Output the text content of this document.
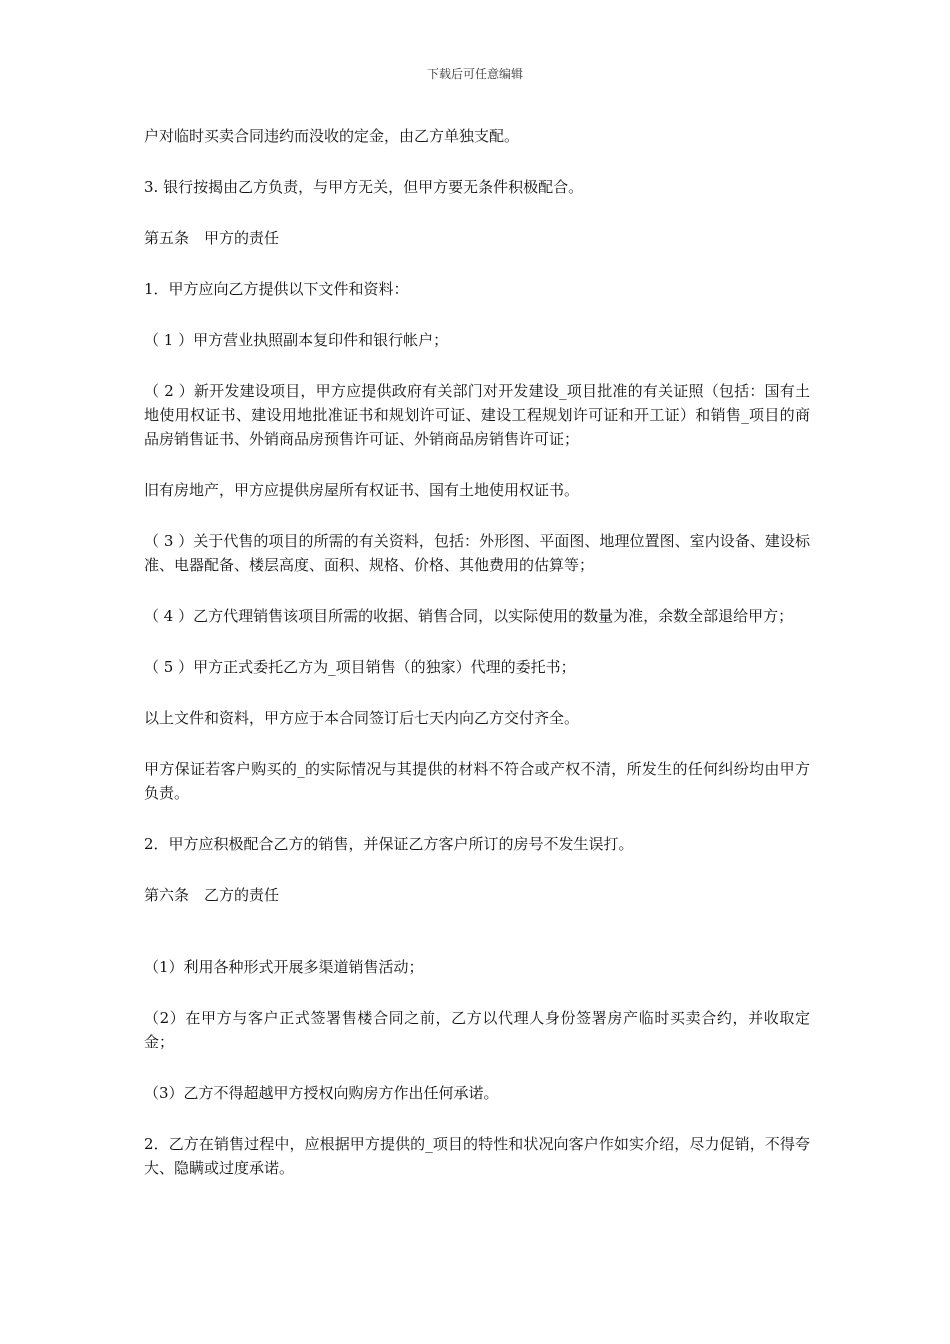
下载后可任意编辑

户对临时买卖合同违约而没收的定金，由乙方单独支配。

3. 银行按揭由乙方负责，与甲方无关，但甲方要无条件积极配合。

第五条　甲方的责任

1．甲方应向乙方提供以下文件和资料：

（ 1 ）甲方营业执照副本复印件和银行帐户；

（ 2 ）新开发建设项目，甲方应提供政府有关部门对开发建设_项目批准的有关证照（包括：国有土地使用权证书、建设用地批准证书和规划许可证、建设工程规划许可证和开工证）和销售_项目的商品房销售证书、外销商品房预售许可证、外销商品房销售许可证；

旧有房地产，甲方应提供房屋所有权证书、国有土地使用权证书。

（ 3 ）关于代售的项目的所需的有关资料，包括：外形图、平面图、地理位置图、室内设备、建设标准、电器配备、楼层高度、面积、规格、价格、其他费用的估算等；

（ 4 ）乙方代理销售该项目所需的收据、销售合同，以实际使用的数量为准，余数全部退给甲方；

（ 5 ）甲方正式委托乙方为_项目销售（的独家）代理的委托书；

以上文件和资料，甲方应于本合同签订后七天内向乙方交付齐全。

甲方保证若客户购买的_的实际情况与其提供的材料不符合或产权不清，所发生的任何纠纷均由甲方负责。

2．甲方应积极配合乙方的销售，并保证乙方客户所订的房号不发生误打。

第六条　乙方的责任

（1）利用各种形式开展多渠道销售活动；

（2）在甲方与客户正式签署售楼合同之前，乙方以代理人身份签署房产临时买卖合约，并收取定金；

（3）乙方不得超越甲方授权向购房方作出任何承诺。

2．乙方在销售过程中，应根据甲方提供的_项目的特性和状况向客户作如实介绍，尽力促销，不得夸大、隐瞒或过度承诺。
